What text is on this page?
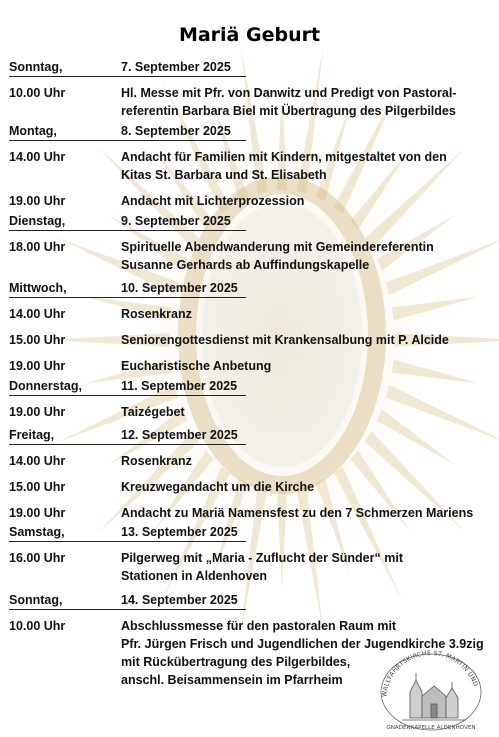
Mariä Geburt
Sonntag,	7. September 2025
10.00 Uhr	Hl. Messe mit Pfr. von Danwitz und Predigt von Pastoral-
referentin Barbara Biel mit Übertragung des Pilgerbildes
Montag,	8. September 2025
14.00 Uhr	Andacht für Familien mit Kindern, mitgestaltet von den
Kitas St. Barbara und St. Elisabeth
19.00 Uhr	Andacht mit Lichterprozession
Dienstag,	9. September 2025
18.00 Uhr	Spirituelle Abendwanderung mit Gemeindereferentin
Susanne Gerhards ab Auffindungskapelle
Mittwoch,	10. September 2025
14.00 Uhr	Rosenkranz
15.00 Uhr	Seniorengottesdienst mit Krankensalbung mit P. Alcide
19.00 Uhr	Eucharistische Anbetung
Donnerstag,	11. September 2025
19.00 Uhr	Taizégebet
Freitag,	12. September 2025
14.00 Uhr	Rosenkranz
15.00 Uhr	Kreuzwegandacht um die Kirche
19.00 Uhr	Andacht zu Mariä Namensfest zu den 7 Schmerzen Mariens
Samstag,	13. September 2025
16.00 Uhr	Pilgerweg mit „Maria - Zuflucht der Sünder“ mit
Stationen in Aldenhoven
Sonntag,	14. September 2025
10.00 Uhr	Abschlussmesse für den pastoralen Raum mit
Pfr. Jürgen Frisch und Jugendlichen der Jugendkirche 3.9zig
mit Rückübertragung des Pilgerbildes,
anschl. Beisammensein im Pfarrheim
WALLFAHRTSKIRCHE ST. MARTIN UND
GNADENKAPELLE ALDENHOVEN
